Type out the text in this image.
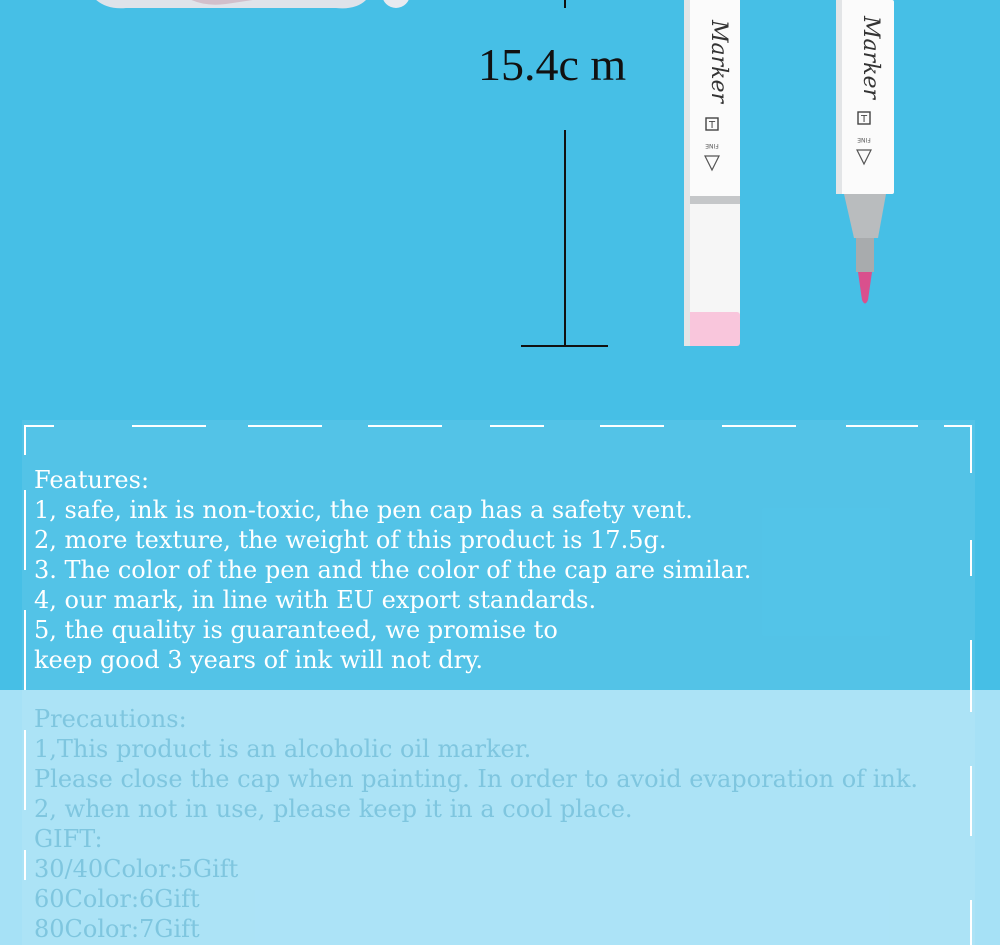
15.4c m
T
FINE
Marker
T
FINE
Marker
Features:
1, safe, ink is non-toxic, the pen cap has a safety vent.
2, more texture, the weight of this product is 17.5g.
3. The color of the pen and the color of the cap are similar.
4, our mark, in line with EU export standards.
5, the quality is guaranteed, we promise to
keep good 3 years of ink will not dry.
Precautions:
1,This product is an alcoholic oil marker.
Please close the cap when painting. In order to avoid evaporation of ink.
2, when not in use, please keep it in a cool place.
GIFT:
30/40Color:5Gift
60Color:6Gift
80Color:7Gift
